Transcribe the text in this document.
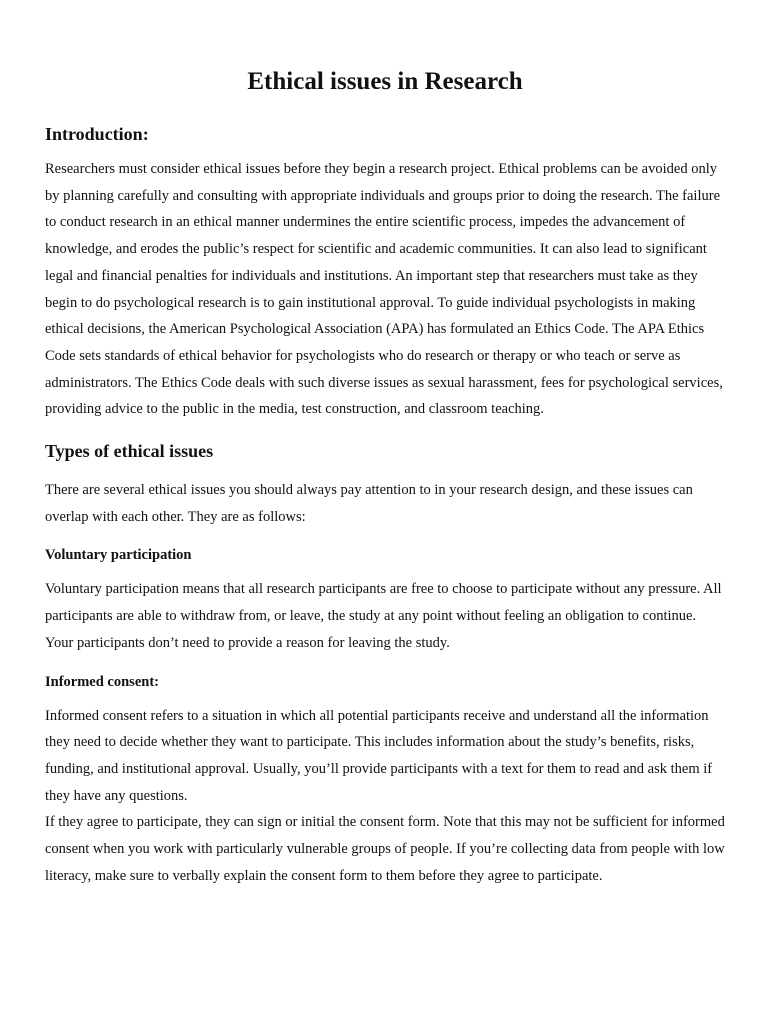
Ethical issues in Research
Introduction:

Researchers must consider ethical issues before they begin a research project. Ethical problems can be avoided only by planning carefully and consulting with appropriate individuals and groups prior to doing the research. The failure to conduct research in an ethical manner undermines the entire scientific process, impedes the advancement of knowledge, and erodes the public’s respect for scientific and academic communities. It can also lead to significant legal and financial penalties for individuals and institutions. An important step that researchers must take as they begin to do psychological research is to gain institutional approval. To guide individual psychologists in making ethical decisions, the American Psychological Association (APA) has formulated an Ethics Code. The APA Ethics Code sets standards of ethical behavior for psychologists who do research or therapy or who teach or serve as administrators. The Ethics Code deals with such diverse issues as sexual harassment, fees for psychological services, providing advice to the public in the media, test construction, and classroom teaching.

Types of ethical issues

There are several ethical issues you should always pay attention to in your research design, and these issues can overlap with each other. They are as follows:

Voluntary participation

Voluntary participation means that all research participants are free to choose to participate without any pressure. All participants are able to withdraw from, or leave, the study at any point without feeling an obligation to continue. Your participants don’t need to provide a reason for leaving the study.

Informed consent:

Informed consent refers to a situation in which all potential participants receive and understand all the information they need to decide whether they want to participate. This includes information about the study’s benefits, risks, funding, and institutional approval. Usually, you’ll provide participants with a text for them to read and ask them if they have any questions.

If they agree to participate, they can sign or initial the consent form. Note that this may not be sufficient for informed consent when you work with particularly vulnerable groups of people. If you’re collecting data from people with low literacy, make sure to verbally explain the consent form to them before they agree to participate.
